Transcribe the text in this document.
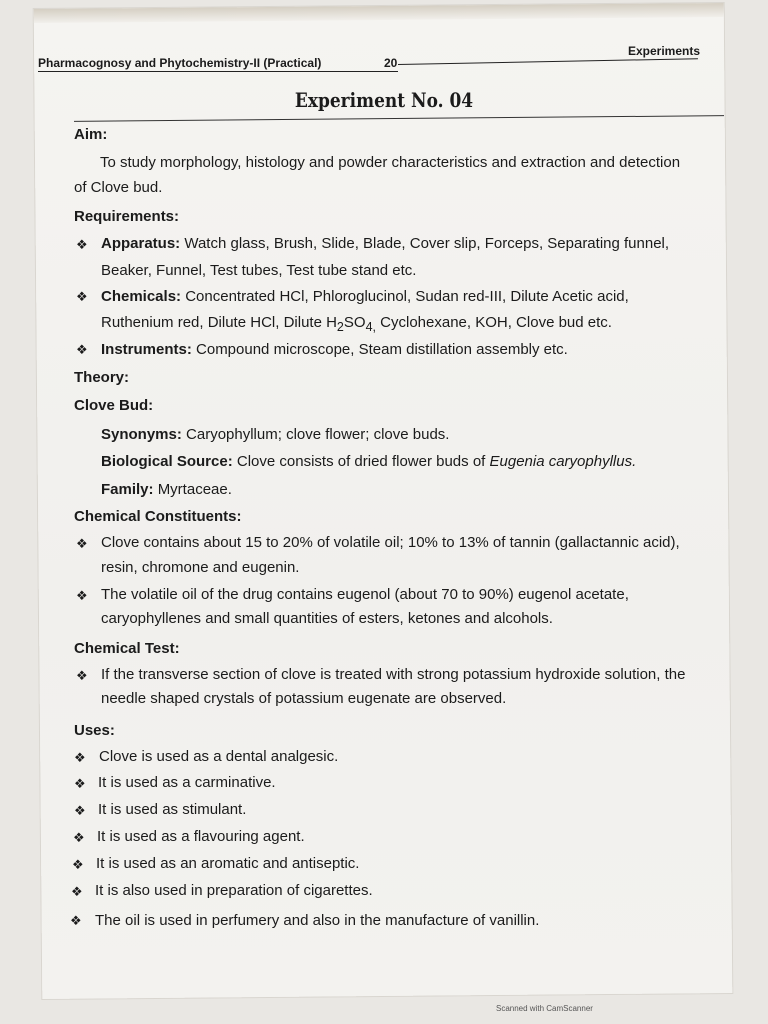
Pharmacognosy and Phytochemistry-II (Practical)	20
Experiments
Experiment No. 04
Aim:
To study morphology, histology and powder characteristics and extraction and detection
of Clove bud.
Requirements:
❖ Apparatus: Watch glass, Brush, Slide, Blade, Cover slip, Forceps, Separating funnel,
Beaker, Funnel, Test tubes, Test tube stand etc.
❖ Chemicals: Concentrated HCl, Phloroglucinol, Sudan red-III, Dilute Acetic acid,
Ruthenium red, Dilute HCl, Dilute $H_2SO_{4,}$ Cyclohexane, KOH, Clove bud etc.
❖ Instruments: Compound microscope, Steam distillation assembly etc.
Theory:
Clove Bud:
Synonyms: Caryophyllum; clove flower; clove buds.
Biological Source: Clove consists of dried flower buds of Eugenia caryophyllus.
Family: Myrtaceae.
Chemical Constituents:
❖ Clove contains about 15 to 20% of volatile oil; 10% to 13% of tannin (gallactannic acid),
resin, chromone and eugenin.
❖ The volatile oil of the drug contains eugenol (about 70 to 90%) eugenol acetate,
caryophyllenes and small quantities of esters, ketones and alcohols.
Chemical Test:
❖ If the transverse section of clove is treated with strong potassium hydroxide solution, the
needle shaped crystals of potassium eugenate are observed.
Uses:
❖ Clove is used as a dental analgesic.
❖ It is used as a carminative.
❖ It is used as stimulant.
❖ It is used as a flavouring agent.
❖ It is used as an aromatic and antiseptic.
❖ It is also used in preparation of cigarettes.
❖ The oil is used in perfumery and also in the manufacture of vanillin.
Scanned with CamScanner
